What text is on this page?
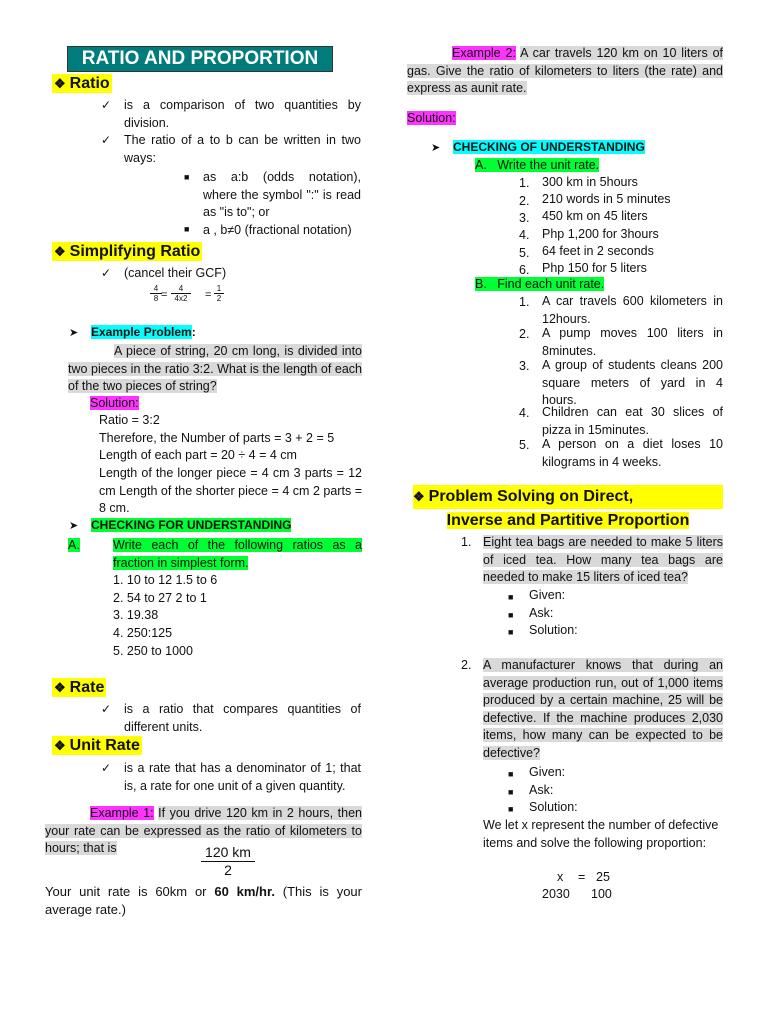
RATIO AND PROPORTION
❖ Ratio
✓ is a comparison of two quantities by division.
✓ The ratio of a to b can be written in two ways:
■ as a:b (odds notation), where the symbol ":" is read as "is to"; or
■ a , b≠0 (fractional notation)
❖ Simplifying Ratio
✓ (cancel their GCF)
$\frac{4}{8} = \frac{4}{4x2} = \frac{1}{2}$
➤ Example Problem:
A piece of string, 20 cm long, is divided into two pieces in the ratio 3:2. What is the length of each of the two pieces of string?
Solution:
Ratio = 3:2
Therefore, the Number of parts = 3 + 2 = 5
Length of each part = 20 ÷ 4 = 4 cm
Length of the longer piece = 4 cm 3 parts = 12 cm Length of the shorter piece = 4 cm 2 parts = 8 cm.
➤ CHECKING FOR UNDERSTANDING
A.	Write each of the following ratios as a fraction in simplest form.
1. 10 to 12 1.5 to 6
2. 54 to 27 2 to 1
3. 19.38
4. 250:125
5. 250 to 1000
❖ Rate
✓ is a ratio that compares quantities of different units.
❖ Unit Rate
✓ is a rate that has a denominator of 1; that is, a rate for one unit of a given quantity.
Example 1: If you drive 120 km in 2 hours, then your rate can be expressed as the ratio of kilometers to hours; that is	120 km
2
Your unit rate is 60km or 60 km/hr. (This is your average rate.)
Example 2: A car travels 120 km on 10 liters of gas. Give the ratio of kilometers to liters (the rate) and express as aunit rate.
Solution:
➤ CHECKING OF UNDERSTANDING
A.   Write the unit rate.
1. 300 km in 5hours
2. 210 words in 5 minutes
3. 450 km on 45 liters
4. Php 1,200 for 3hours
5. 64 feet in 2 seconds
6. Php 150 for 5 liters
B.   Find each unit rate.
1. A car travels 600 kilometers in 12hours.
2. A pump moves 100 liters in 8minutes.
3. A group of students cleans 200 square meters of yard in 4 hours.
4. Children can eat 30 slices of pizza in 15minutes.
5. A person on a diet loses 10 kilograms in 4 weeks.
❖ Problem Solving on Direct,
Inverse and Partitive Proportion
1. Eight tea bags are needed to make 5 liters of iced tea. How many tea bags are needed to make 15 liters of iced tea?
■ Given:
■ Ask:
■ Solution:
2. A manufacturer knows that during an average production run, out of 1,000 items produced by a certain machine, 25 will be defective. If the machine produces 2,030 items, how many can be expected to be defective?
■ Given:
■ Ask:
■ Solution:
We let x represent the number of defective items and solve the following proportion:
x = 25
2030 100
